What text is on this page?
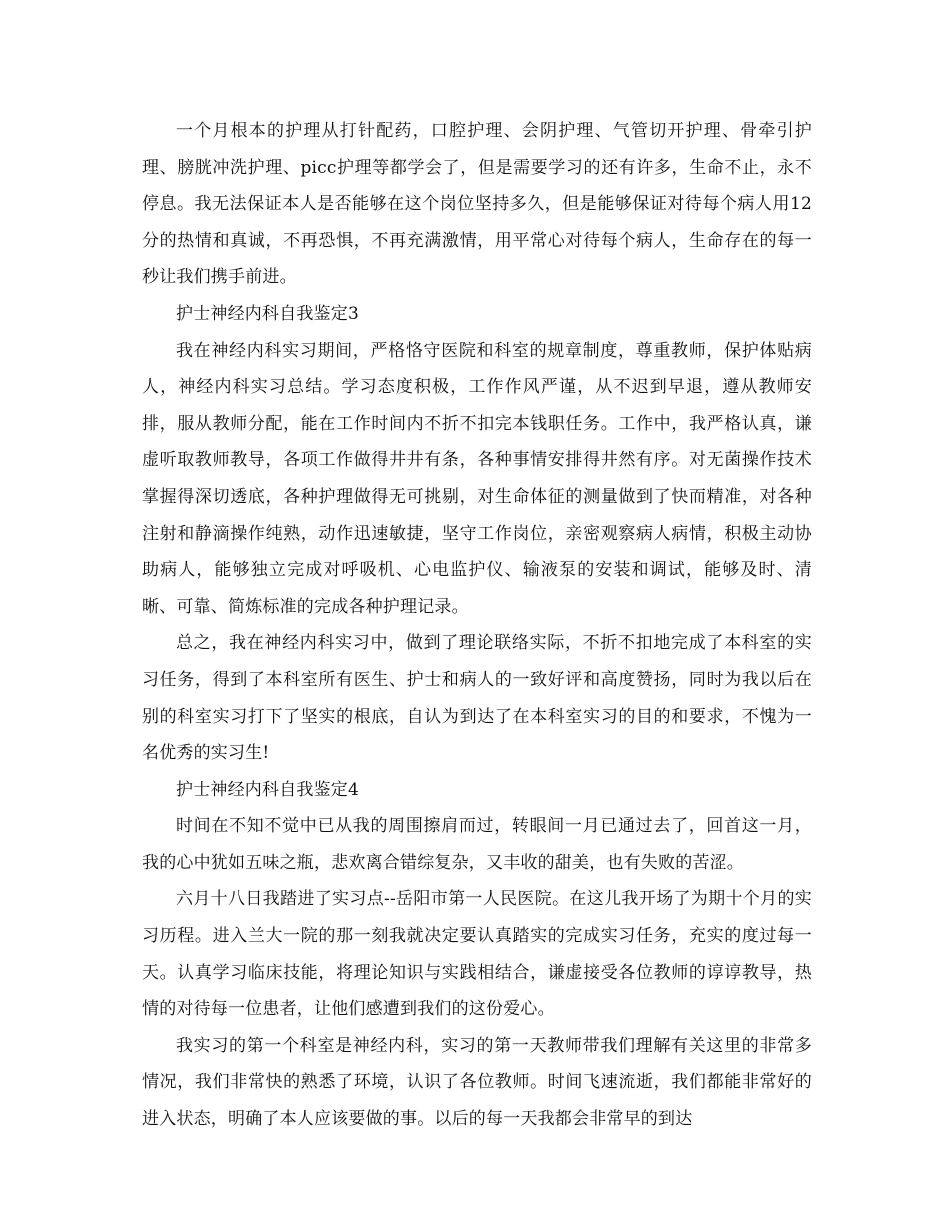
一个月根本的护理从打针配药，口腔护理、会阴护理、气管切开护理、骨牵引护理、膀胱冲洗护理、picc护理等都学会了，但是需要学习的还有许多，生命不止，永不停息。我无法保证本人是否能够在这个岗位坚持多久，但是能够保证对待每个病人用12分的热情和真诚，不再恐惧，不再充满激情，用平常心对待每个病人，生命存在的每一秒让我们携手前进。

护士神经内科自我鉴定3

我在神经内科实习期间，严格恪守医院和科室的规章制度，尊重教师，保护体贴病人，神经内科实习总结。学习态度积极，工作作风严谨，从不迟到早退，遵从教师安排，服从教师分配，能在工作时间内不折不扣完本钱职任务。工作中，我严格认真，谦虚听取教师教导，各项工作做得井井有条，各种事情安排得井然有序。对无菌操作技术掌握得深切透底，各种护理做得无可挑剔，对生命体征的测量做到了快而精准，对各种注射和静滴操作纯熟，动作迅速敏捷，坚守工作岗位，亲密观察病人病情，积极主动协助病人，能够独立完成对呼吸机、心电监护仪、输液泵的安装和调试，能够及时、清晰、可靠、简炼标准的完成各种护理记录。

总之，我在神经内科实习中，做到了理论联络实际，不折不扣地完成了本科室的实习任务，得到了本科室所有医生、护士和病人的一致好评和高度赞扬，同时为我以后在别的科室实习打下了坚实的根底，自认为到达了在本科室实习的目的和要求，不愧为一名优秀的实习生!

护士神经内科自我鉴定4

时间在不知不觉中已从我的周围擦肩而过，转眼间一月已通过去了，回首这一月，我的心中犹如五味之瓶，悲欢离合错综复杂，又丰收的甜美，也有失败的苦涩。

六月十八日我踏进了实习点--岳阳市第一人民医院。在这儿我开场了为期十个月的实习历程。进入兰大一院的那一刻我就决定要认真踏实的完成实习任务，充实的度过每一天。认真学习临床技能，将理论知识与实践相结合，谦虚接受各位教师的谆谆教导，热情的对待每一位患者，让他们感遭到我们的这份爱心。

我实习的第一个科室是神经内科，实习的第一天教师带我们理解有关这里的非常多情况，我们非常快的熟悉了环境，认识了各位教师。时间飞速流逝，我们都能非常好的进入状态，明确了本人应该要做的事。以后的每一天我都会非常早的到达
